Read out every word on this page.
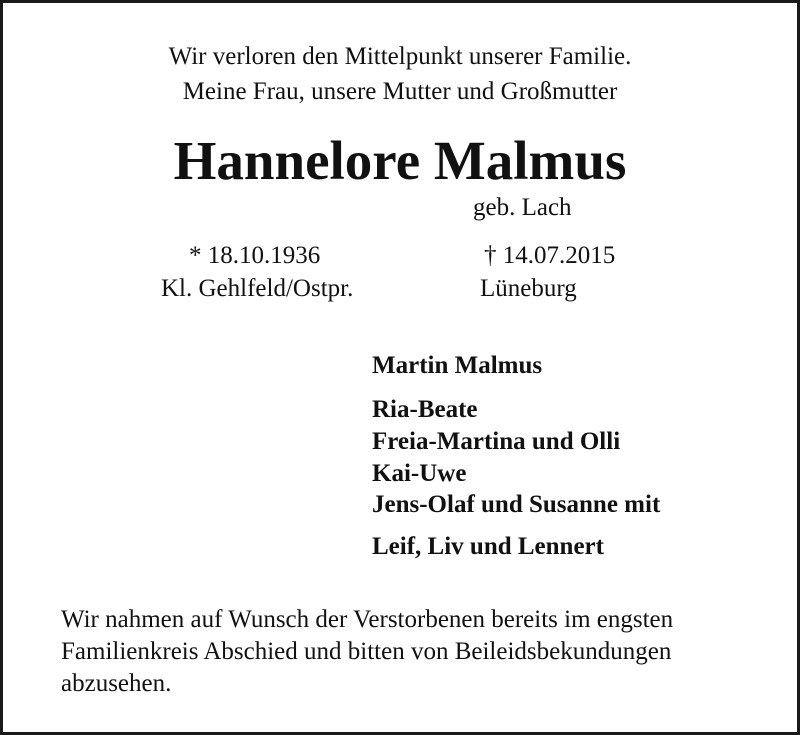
Wir verloren den Mittelpunkt unserer Familie.
Meine Frau, unsere Mutter und Großmutter
Hannelore Malmus
geb. Lach
* 18.10.1936
Kl. Gehlfeld/Ostpr.
† 14.07.2015
Lüneburg
Martin Malmus
Ria-Beate
Freia-Martina und Olli
Kai-Uwe
Jens-Olaf und Susanne mit
Leif, Liv und Lennert
Wir nahmen auf Wunsch der Verstorbenen bereits im engsten
Familienkreis Abschied und bitten von Beileidsbekundungen
abzusehen.
